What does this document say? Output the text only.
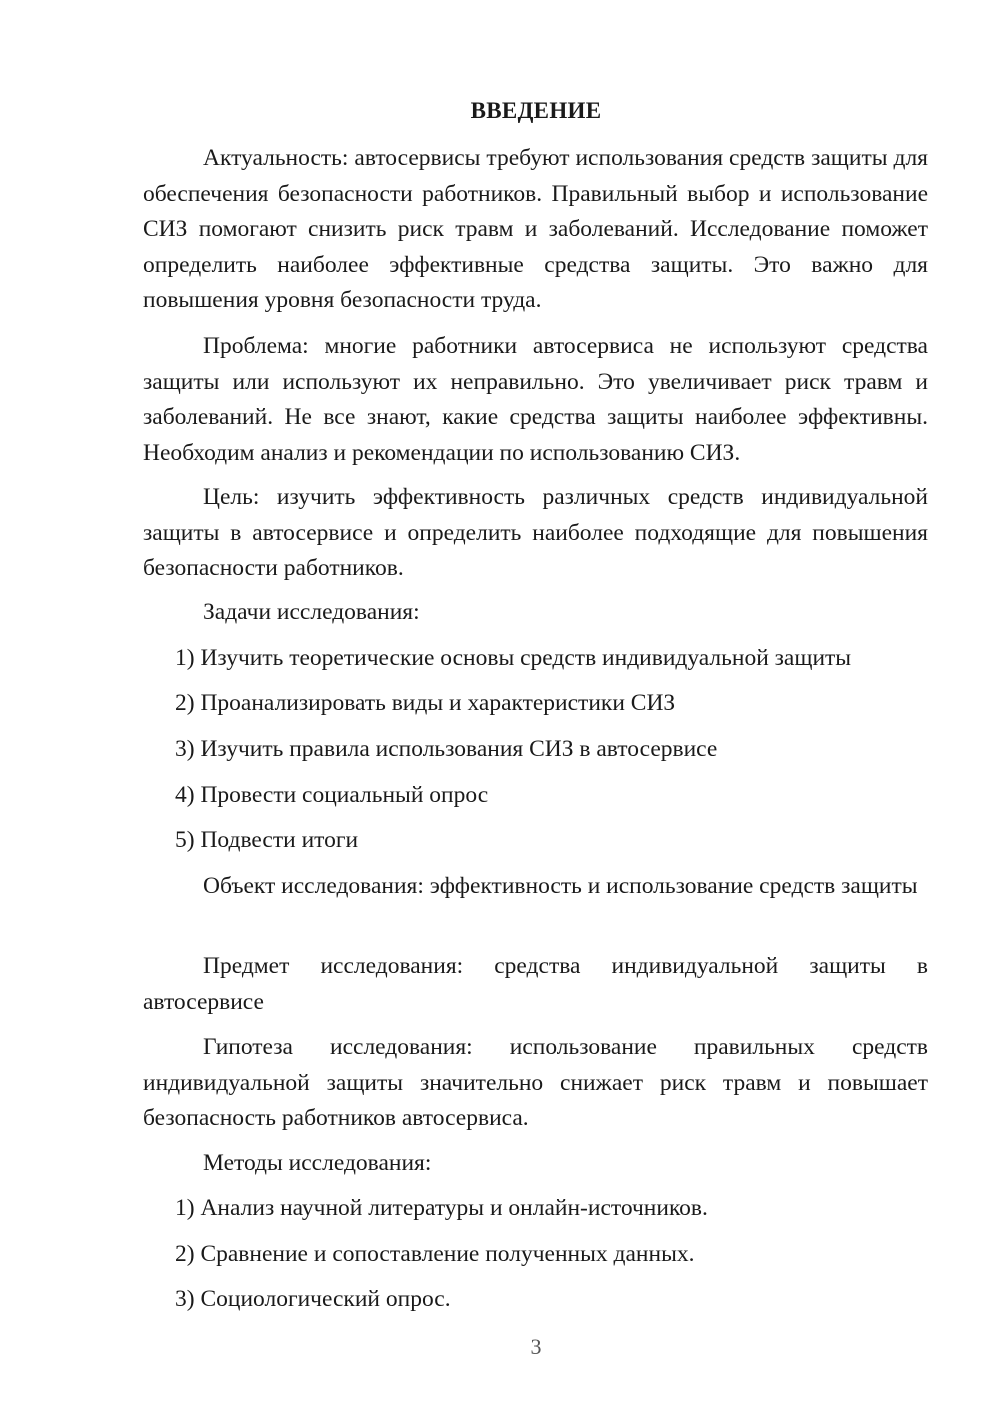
ВВЕДЕНИЕ

Актуальность: автосервисы требуют использования средств защиты для обеспечения безопасности работников. Правильный выбор и использование СИЗ помогают снизить риск травм и заболеваний. Исследование поможет определить наиболее эффективные средства защиты. Это важно для повышения уровня безопасности труда.

Проблема: многие работники автосервиса не используют средства защиты или используют их неправильно. Это увеличивает риск травм и заболеваний. Не все знают, какие средства защиты наиболее эффективны. Необходим анализ и рекомендации по использованию СИЗ.

Цель: изучить эффективность различных средств индивидуальной защиты в автосервисе и определить наиболее подходящие для повышения безопасности работников.

Задачи исследования:

1) Изучить теоретические основы средств индивидуальной защиты

2) Проанализировать виды и характеристики СИЗ

3) Изучить правила использования СИЗ в автосервисе

4) Провести социальный опрос

5) Подвести итоги

Объект исследования: эффективность и использование средств защиты

Предмет исследования: средства индивидуальной защиты в автосервисе

Гипотеза исследования: использование правильных средств индивидуальной защиты значительно снижает риск травм и повышает безопасность работников автосервиса.

Методы исследования:

1) Анализ научной литературы и онлайн-источников.

2) Сравнение и сопоставление полученных данных.

3) Социологический опрос.

3
